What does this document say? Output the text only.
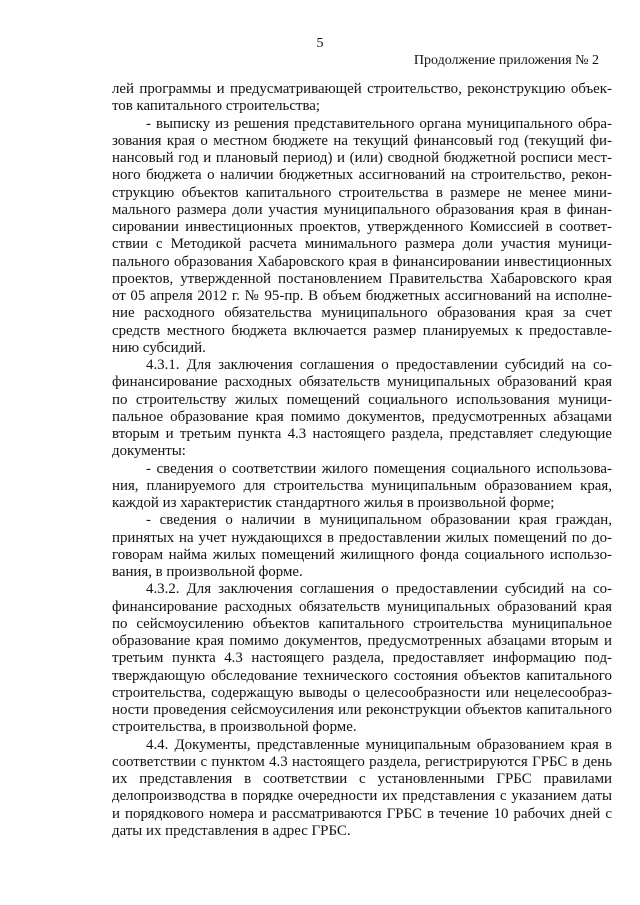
5
Продолжение приложения № 2

лей программы и предусматривающей строительство, реконструкцию объектов капитального строительства;

- выписку из решения представительного органа муниципального образования края о местном бюджете на текущий финансовый год (текущий финансовый год и плановый период) и (или) сводной бюджетной росписи местного бюджета о наличии бюджетных ассигнований на строительство, реконструкцию объектов капитального строительства в размере не менее минимального размера доли участия муниципального образования края в финансировании инвестиционных проектов, утвержденного Комиссией в соответствии с Методикой расчета минимального размера доли участия муниципального образования Хабаровского края в финансировании инвестиционных проектов, утвержденной постановлением Правительства Хабаровского края от 05 апреля 2012 г. № 95-пр. В объем бюджетных ассигнований на исполнение расходного обязательства муниципального образования края за счет средств местного бюджета включается размер планируемых к предоставлению субсидий.

4.3.1. Для заключения соглашения о предоставлении субсидий на софинансирование расходных обязательств муниципальных образований края по строительству жилых помещений социального использования муниципальное образование края помимо документов, предусмотренных абзацами вторым и третьим пункта 4.3 настоящего раздела, представляет следующие документы:

- сведения о соответствии жилого помещения социального использования, планируемого для строительства муниципальным образованием края, каждой из характеристик стандартного жилья в произвольной форме;

- сведения о наличии в муниципальном образовании края граждан, принятых на учет нуждающихся в предоставлении жилых помещений по договорам найма жилых помещений жилищного фонда социального использования, в произвольной форме.

4.3.2. Для заключения соглашения о предоставлении субсидий на софинансирование расходных обязательств муниципальных образований края по сейсмоусилению объектов капитального строительства муниципальное образование края помимо документов, предусмотренных абзацами вторым и третьим пункта 4.3 настоящего раздела, предоставляет информацию подтверждающую обследование технического состояния объектов капитального строительства, содержащую выводы о целесообразности или нецелесообразности проведения сейсмоусиления или реконструкции объектов капитального строительства, в произвольной форме.

4.4. Документы, представленные муниципальным образованием края в соответствии с пунктом 4.3 настоящего раздела, регистрируются ГРБС в день их представления в соответствии с установленными ГРБС правилами делопроизводства в порядке очередности их представления с указанием даты и порядкового номера и рассматриваются ГРБС в течение 10 рабочих дней с даты их представления в адрес ГРБС.
